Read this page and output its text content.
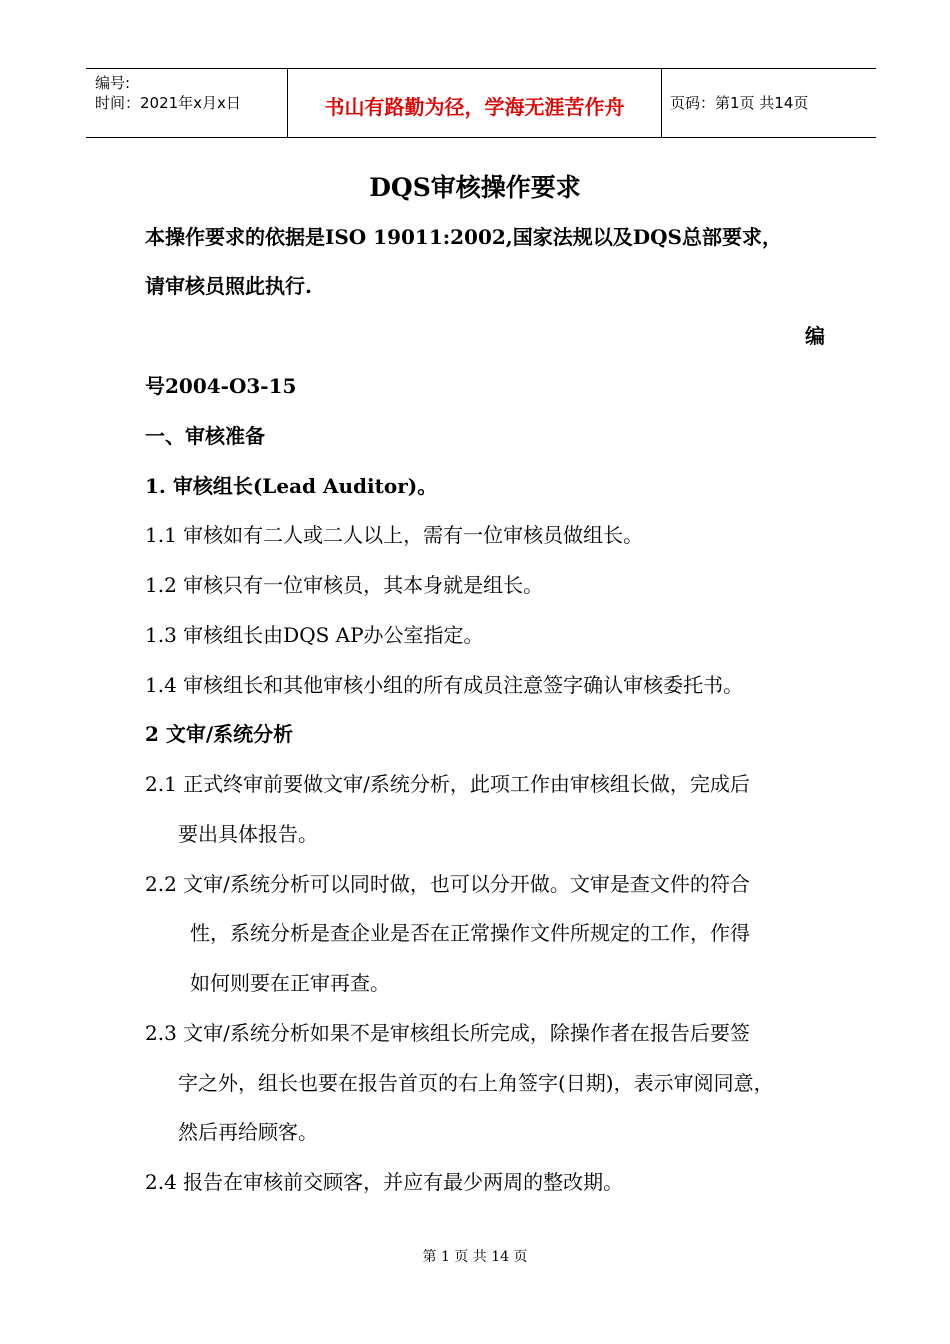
编号:
时间：2021年x月x日	书山有路勤为径，学海无涯苦作舟	页码：第1页 共14页
DQS审核操作要求
本操作要求的依据是ISO 19011:2002,国家法规以及DQS总部要求，
请审核员照此执行.
编
号2004-O3-15
一、审核准备
1. 审核组长(Lead Auditor)。
1.1 审核如有二人或二人以上，需有一位审核员做组长。
1.2 审核只有一位审核员，其本身就是组长。
1.3 审核组长由DQS AP办公室指定。
1.4 审核组长和其他审核小组的所有成员注意签字确认审核委托书。
2 文审/系统分析
2.1 正式终审前要做文审/系统分析，此项工作由审核组长做，完成后
要出具体报告。
2.2 文审/系统分析可以同时做，也可以分开做。文审是查文件的符合
性，系统分析是查企业是否在正常操作文件所规定的工作，作得
如何则要在正审再查。
2.3 文审/系统分析如果不是审核组长所完成，除操作者在报告后要签
字之外，组长也要在报告首页的右上角签字(日期)，表示审阅同意，
然后再给顾客。
2.4 报告在审核前交顾客，并应有最少两周的整改期。
第 1 页 共 14 页
